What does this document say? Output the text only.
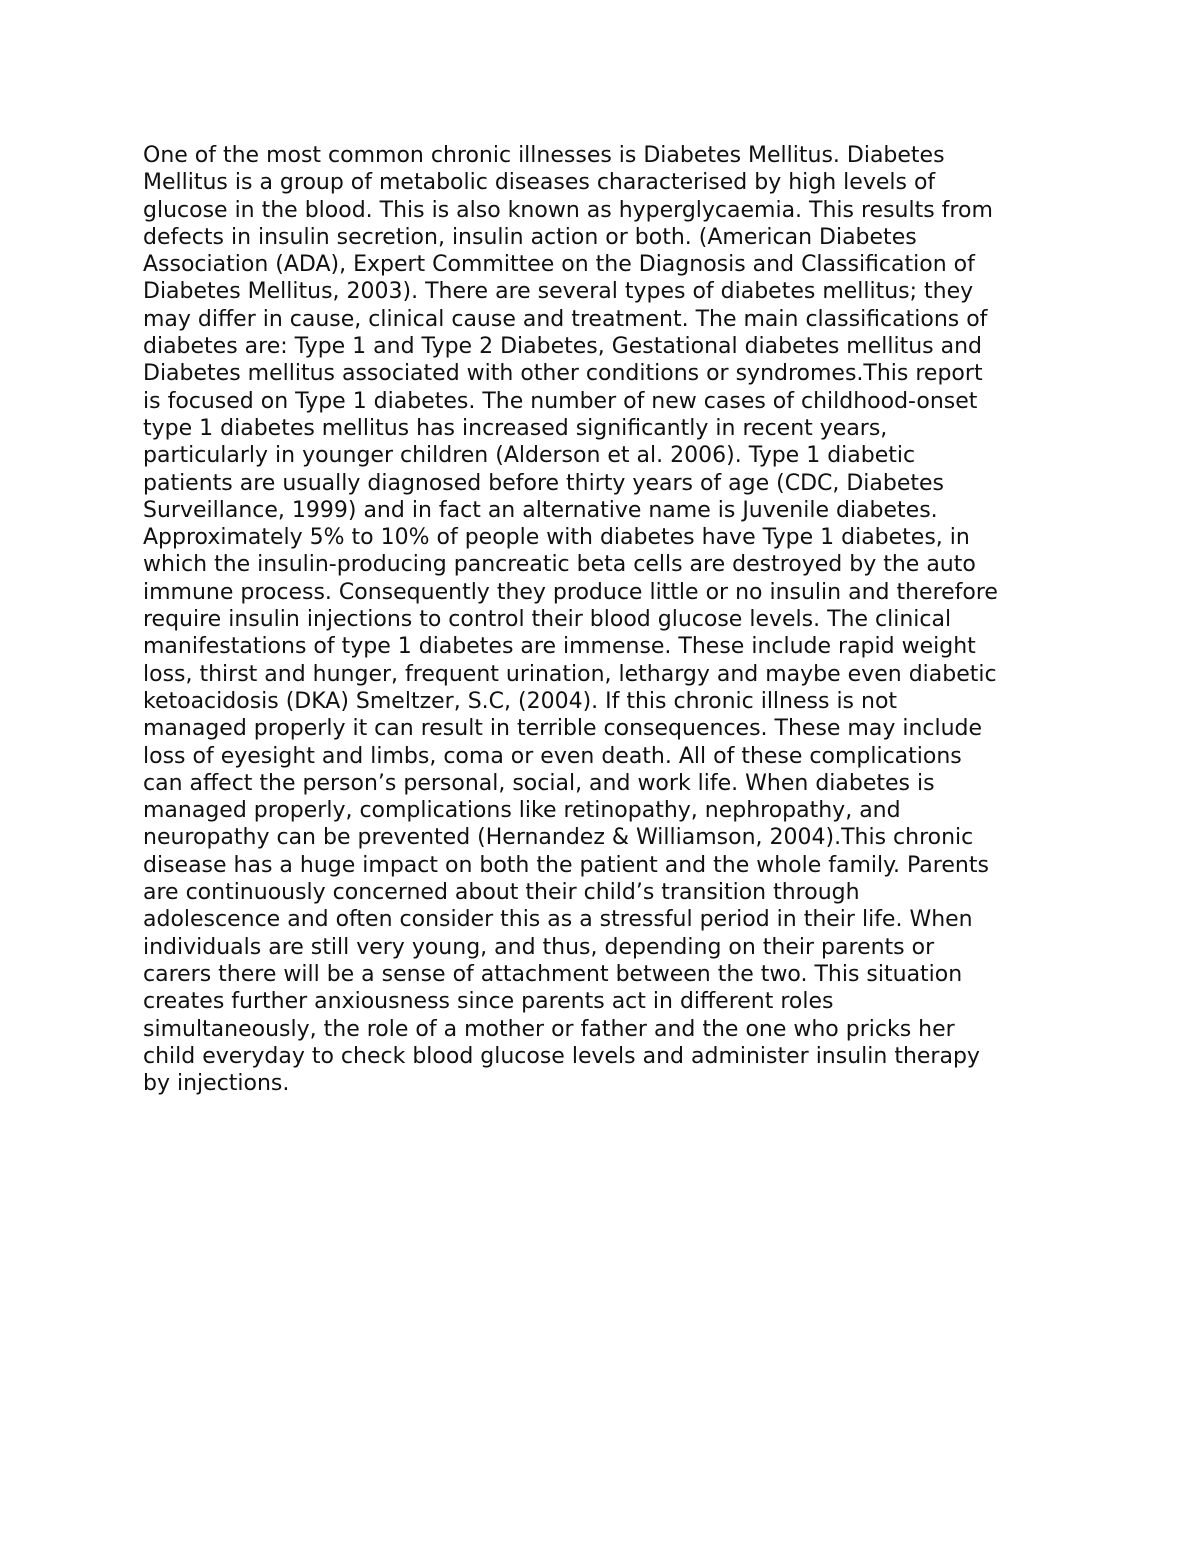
One of the most common chronic illnesses is Diabetes Mellitus. Diabetes
Mellitus is a group of metabolic diseases characterised by high levels of
glucose in the blood. This is also known as hyperglycaemia. This results from
defects in insulin secretion, insulin action or both. (American Diabetes
Association (ADA), Expert Committee on the Diagnosis and Classification of
Diabetes Mellitus, 2003). There are several types of diabetes mellitus; they
may differ in cause, clinical cause and treatment. The main classifications of
diabetes are: Type 1 and Type 2 Diabetes, Gestational diabetes mellitus and
Diabetes mellitus associated with other conditions or syndromes.This report
is focused on Type 1 diabetes. The number of new cases of childhood-onset
type 1 diabetes mellitus has increased significantly in recent years,
particularly in younger children (Alderson et al. 2006). Type 1 diabetic
patients are usually diagnosed before thirty years of age (CDC, Diabetes
Surveillance, 1999) and in fact an alternative name is Juvenile diabetes.
Approximately 5% to 10% of people with diabetes have Type 1 diabetes, in
which the insulin-producing pancreatic beta cells are destroyed by the auto
immune process. Consequently they produce little or no insulin and therefore
require insulin injections to control their blood glucose levels. The clinical
manifestations of type 1 diabetes are immense. These include rapid weight
loss, thirst and hunger, frequent urination, lethargy and maybe even diabetic
ketoacidosis (DKA) Smeltzer, S.C, (2004). If this chronic illness is not
managed properly it can result in terrible consequences. These may include
loss of eyesight and limbs, coma or even death. All of these complications
can affect the person’s personal, social, and work life. When diabetes is
managed properly, complications like retinopathy, nephropathy, and
neuropathy can be prevented (Hernandez & Williamson, 2004).This chronic
disease has a huge impact on both the patient and the whole family. Parents
are continuously concerned about their child’s transition through
adolescence and often consider this as a stressful period in their life. When
individuals are still very young, and thus, depending on their parents or
carers there will be a sense of attachment between the two. This situation
creates further anxiousness since parents act in different roles
simultaneously, the role of a mother or father and the one who pricks her
child everyday to check blood glucose levels and administer insulin therapy
by injections.
